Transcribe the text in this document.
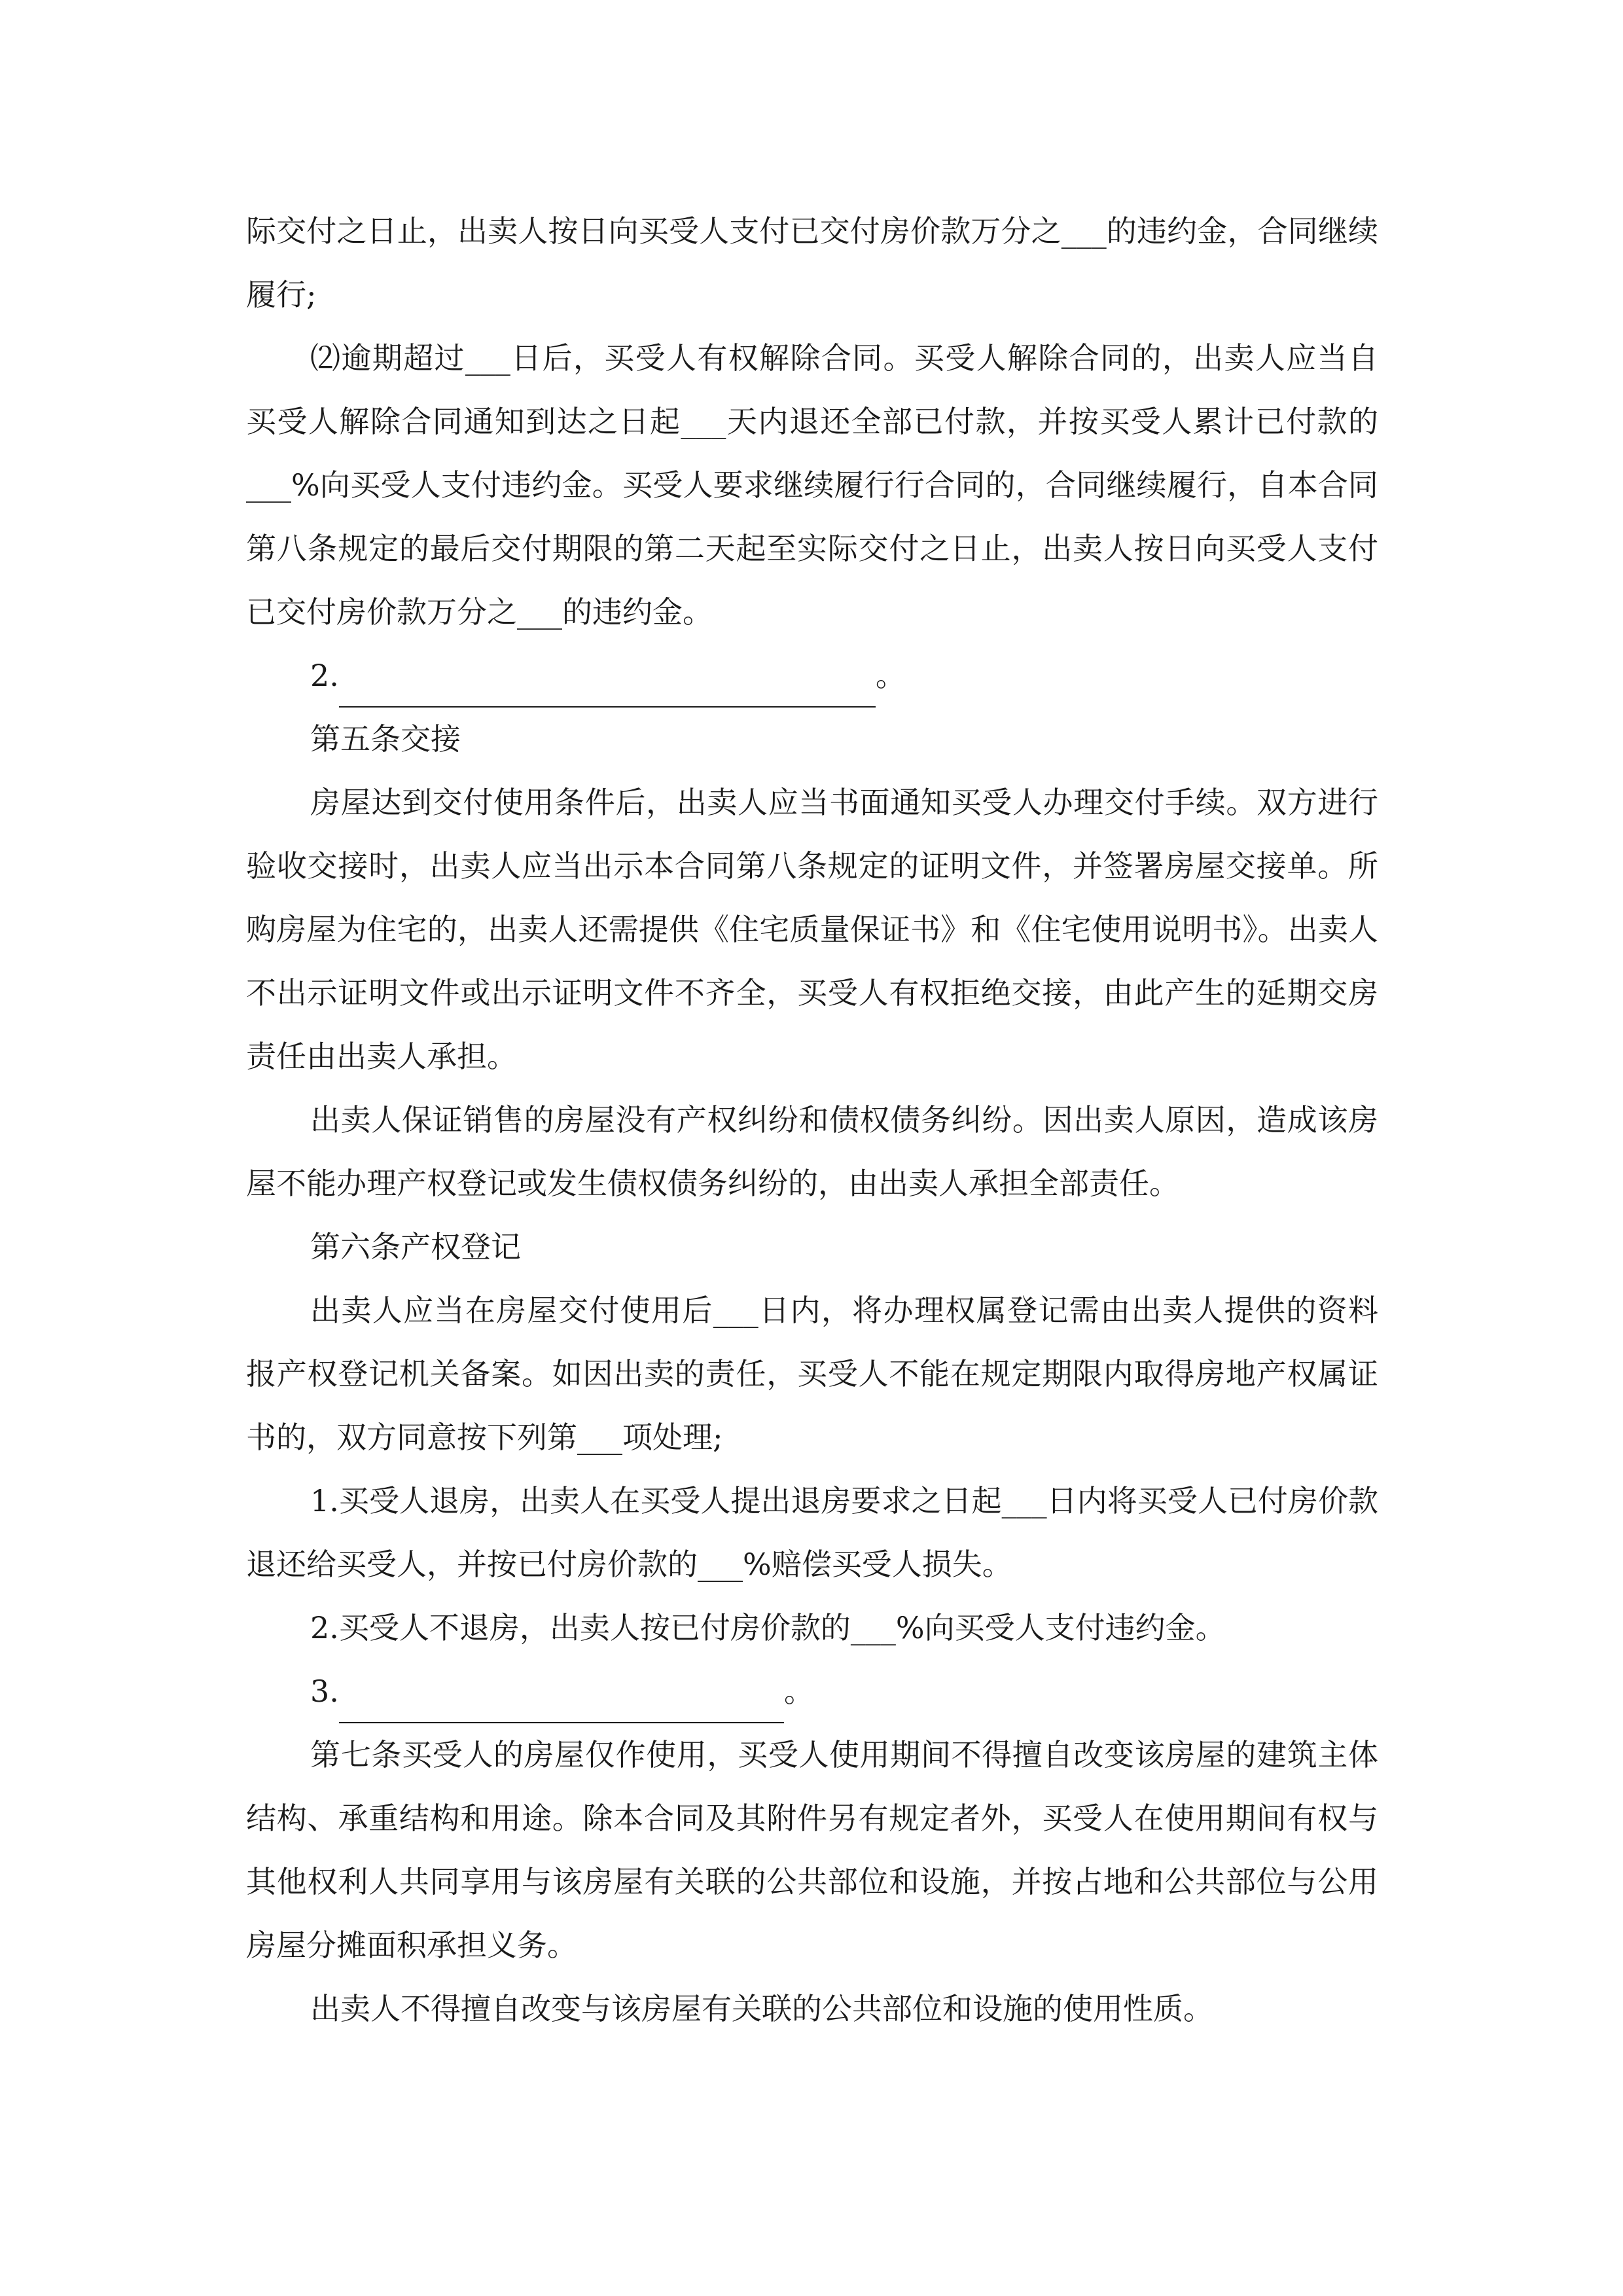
际交付之日止，出卖人按日向买受人支付已交付房价款万分之___的违约金，合同继续履行;

⑵逾期超过___日后，买受人有权解除合同。买受人解除合同的，出卖人应当自买受人解除合同通知到达之日起___天内退还全部已付款，并按买受人累计已付款的___%向买受人支付违约金。买受人要求继续履行行合同的，合同继续履行，自本合同第八条规定的最后交付期限的第二天起至实际交付之日止，出卖人按日向买受人支付已交付房价款万分之___的违约金。

2.	。

第五条交接

房屋达到交付使用条件后，出卖人应当书面通知买受人办理交付手续。双方进行验收交接时，出卖人应当出示本合同第八条规定的证明文件，并签署房屋交接单。所购房屋为住宅的，出卖人还需提供《住宅质量保证书》和《住宅使用说明书》。出卖人不出示证明文件或出示证明文件不齐全，买受人有权拒绝交接，由此产生的延期交房责任由出卖人承担。

出卖人保证销售的房屋没有产权纠纷和债权债务纠纷。因出卖人原因，造成该房屋不能办理产权登记或发生债权债务纠纷的，由出卖人承担全部责任。

第六条产权登记

出卖人应当在房屋交付使用后___日内，将办理权属登记需由出卖人提供的资料报产权登记机关备案。如因出卖的责任，买受人不能在规定期限内取得房地产权属证书的，双方同意按下列第___项处理;

1.买受人退房，出卖人在买受人提出退房要求之日起___日内将买受人已付房价款退还给买受人，并按已付房价款的___%赔偿买受人损失。

2.买受人不退房，出卖人按已付房价款的___%向买受人支付违约金。

3.	。

第七条买受人的房屋仅作使用，买受人使用期间不得擅自改变该房屋的建筑主体结构、承重结构和用途。除本合同及其附件另有规定者外，买受人在使用期间有权与其他权利人共同享用与该房屋有关联的公共部位和设施，并按占地和公共部位与公用房屋分摊面积承担义务。

出卖人不得擅自改变与该房屋有关联的公共部位和设施的使用性质。
